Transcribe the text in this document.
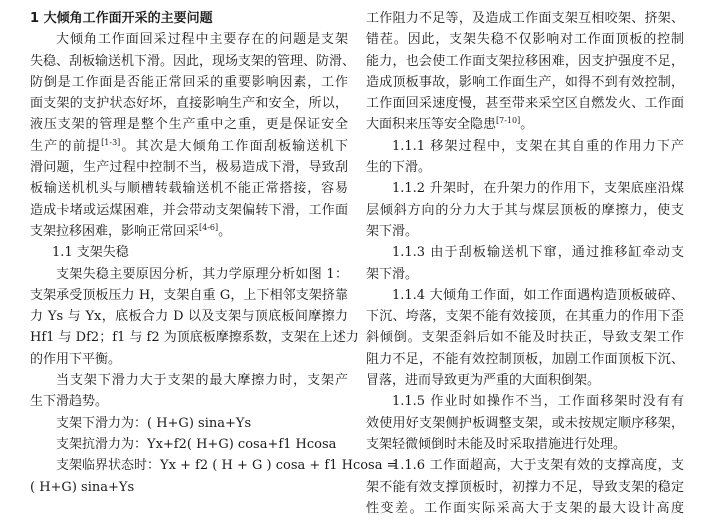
1 大倾角工作面开采的主要问题
大倾角工作面回采过程中主要存在的问题是支架
失稳、刮板输送机下滑。因此，现场支架的管理、防滑、
防倒是工作面是否能正常回采的重要影响因素，工作
面支架的支护状态好坏，直接影响生产和安全，所以，
液压支架的管理是整个生产重中之重，更是保证安全
生产的前提[1-3]。其次是大倾角工作面刮板输送机下
滑问题，生产过程中控制不当，极易造成下滑，导致刮
板输送机机头与顺槽转载输送机不能正常搭接，容易
造成卡堵或运煤困难，并会带动支架偏转下滑，工作面
支架拉移困难，影响正常回采[4-6]。
1.1 支架失稳
支架失稳主要原因分析，其力学原理分析如图 1：
支架承受顶板压力 H，支架自重 G，上下相邻支架挤靠
力 Ys 与 Yx，底板合力 D 以及支架与顶底板间摩擦力
Hf1 与 Df2；f1 与 f2 为顶底板摩擦系数，支架在上述力
的作用下平衡。
当支架下滑力大于支架的最大摩擦力时，支架产
生下滑趋势。
支架下滑力为：( H+G) sina+Ys
支架抗滑力为：Yx+f2( H+G) cosa+f1 Hcosa
支架临界状态时：Yx + f2 ( H + G ) cosa + f1 Hcosa =
( H+G) sina+Ys
工作阻力不足等，及造成工作面支架互相咬架、挤架、
错茬。因此，支架失稳不仅影响对工作面顶板的控制
能力，也会使工作面支架拉移困难，因支护强度不足，
造成顶板事故，影响工作面生产，如得不到有效控制，
工作面回采速度慢，甚至带来采空区自燃发火、工作面
大面积来压等安全隐患[7-10]。
1.1.1 移架过程中，支架在其自重的作用力下产
生的下滑。
1.1.2 升架时，在升架力的作用下，支架底座沿煤
层倾斜方向的分力大于其与煤层顶板的摩擦力，使支
架下滑。
1.1.3 由于刮板输送机下窜，通过推移缸牵动支
架下滑。
1.1.4 大倾角工作面，如工作面遇构造顶板破碎、
下沉、垮落，支架不能有效接顶，在其重力的作用下歪
斜倾倒。支架歪斜后如不能及时扶正，导致支架工作
阻力不足，不能有效控制顶板，加剧工作面顶板下沉、
冒落，进而导致更为严重的大面积倒架。
1.1.5 作业时如操作不当，工作面移架时没有有
效使用好支架侧护板调整支架，或未按规定顺序移架，
支架轻微倾倒时未能及时采取措施进行处理。
1.1.6 工作面超高，大于支架有效的支撑高度，支
架不能有效支撑顶板时，初撑力不足，导致支架的稳定
性变差。工作面实际采高大于支架的最大设计高度
